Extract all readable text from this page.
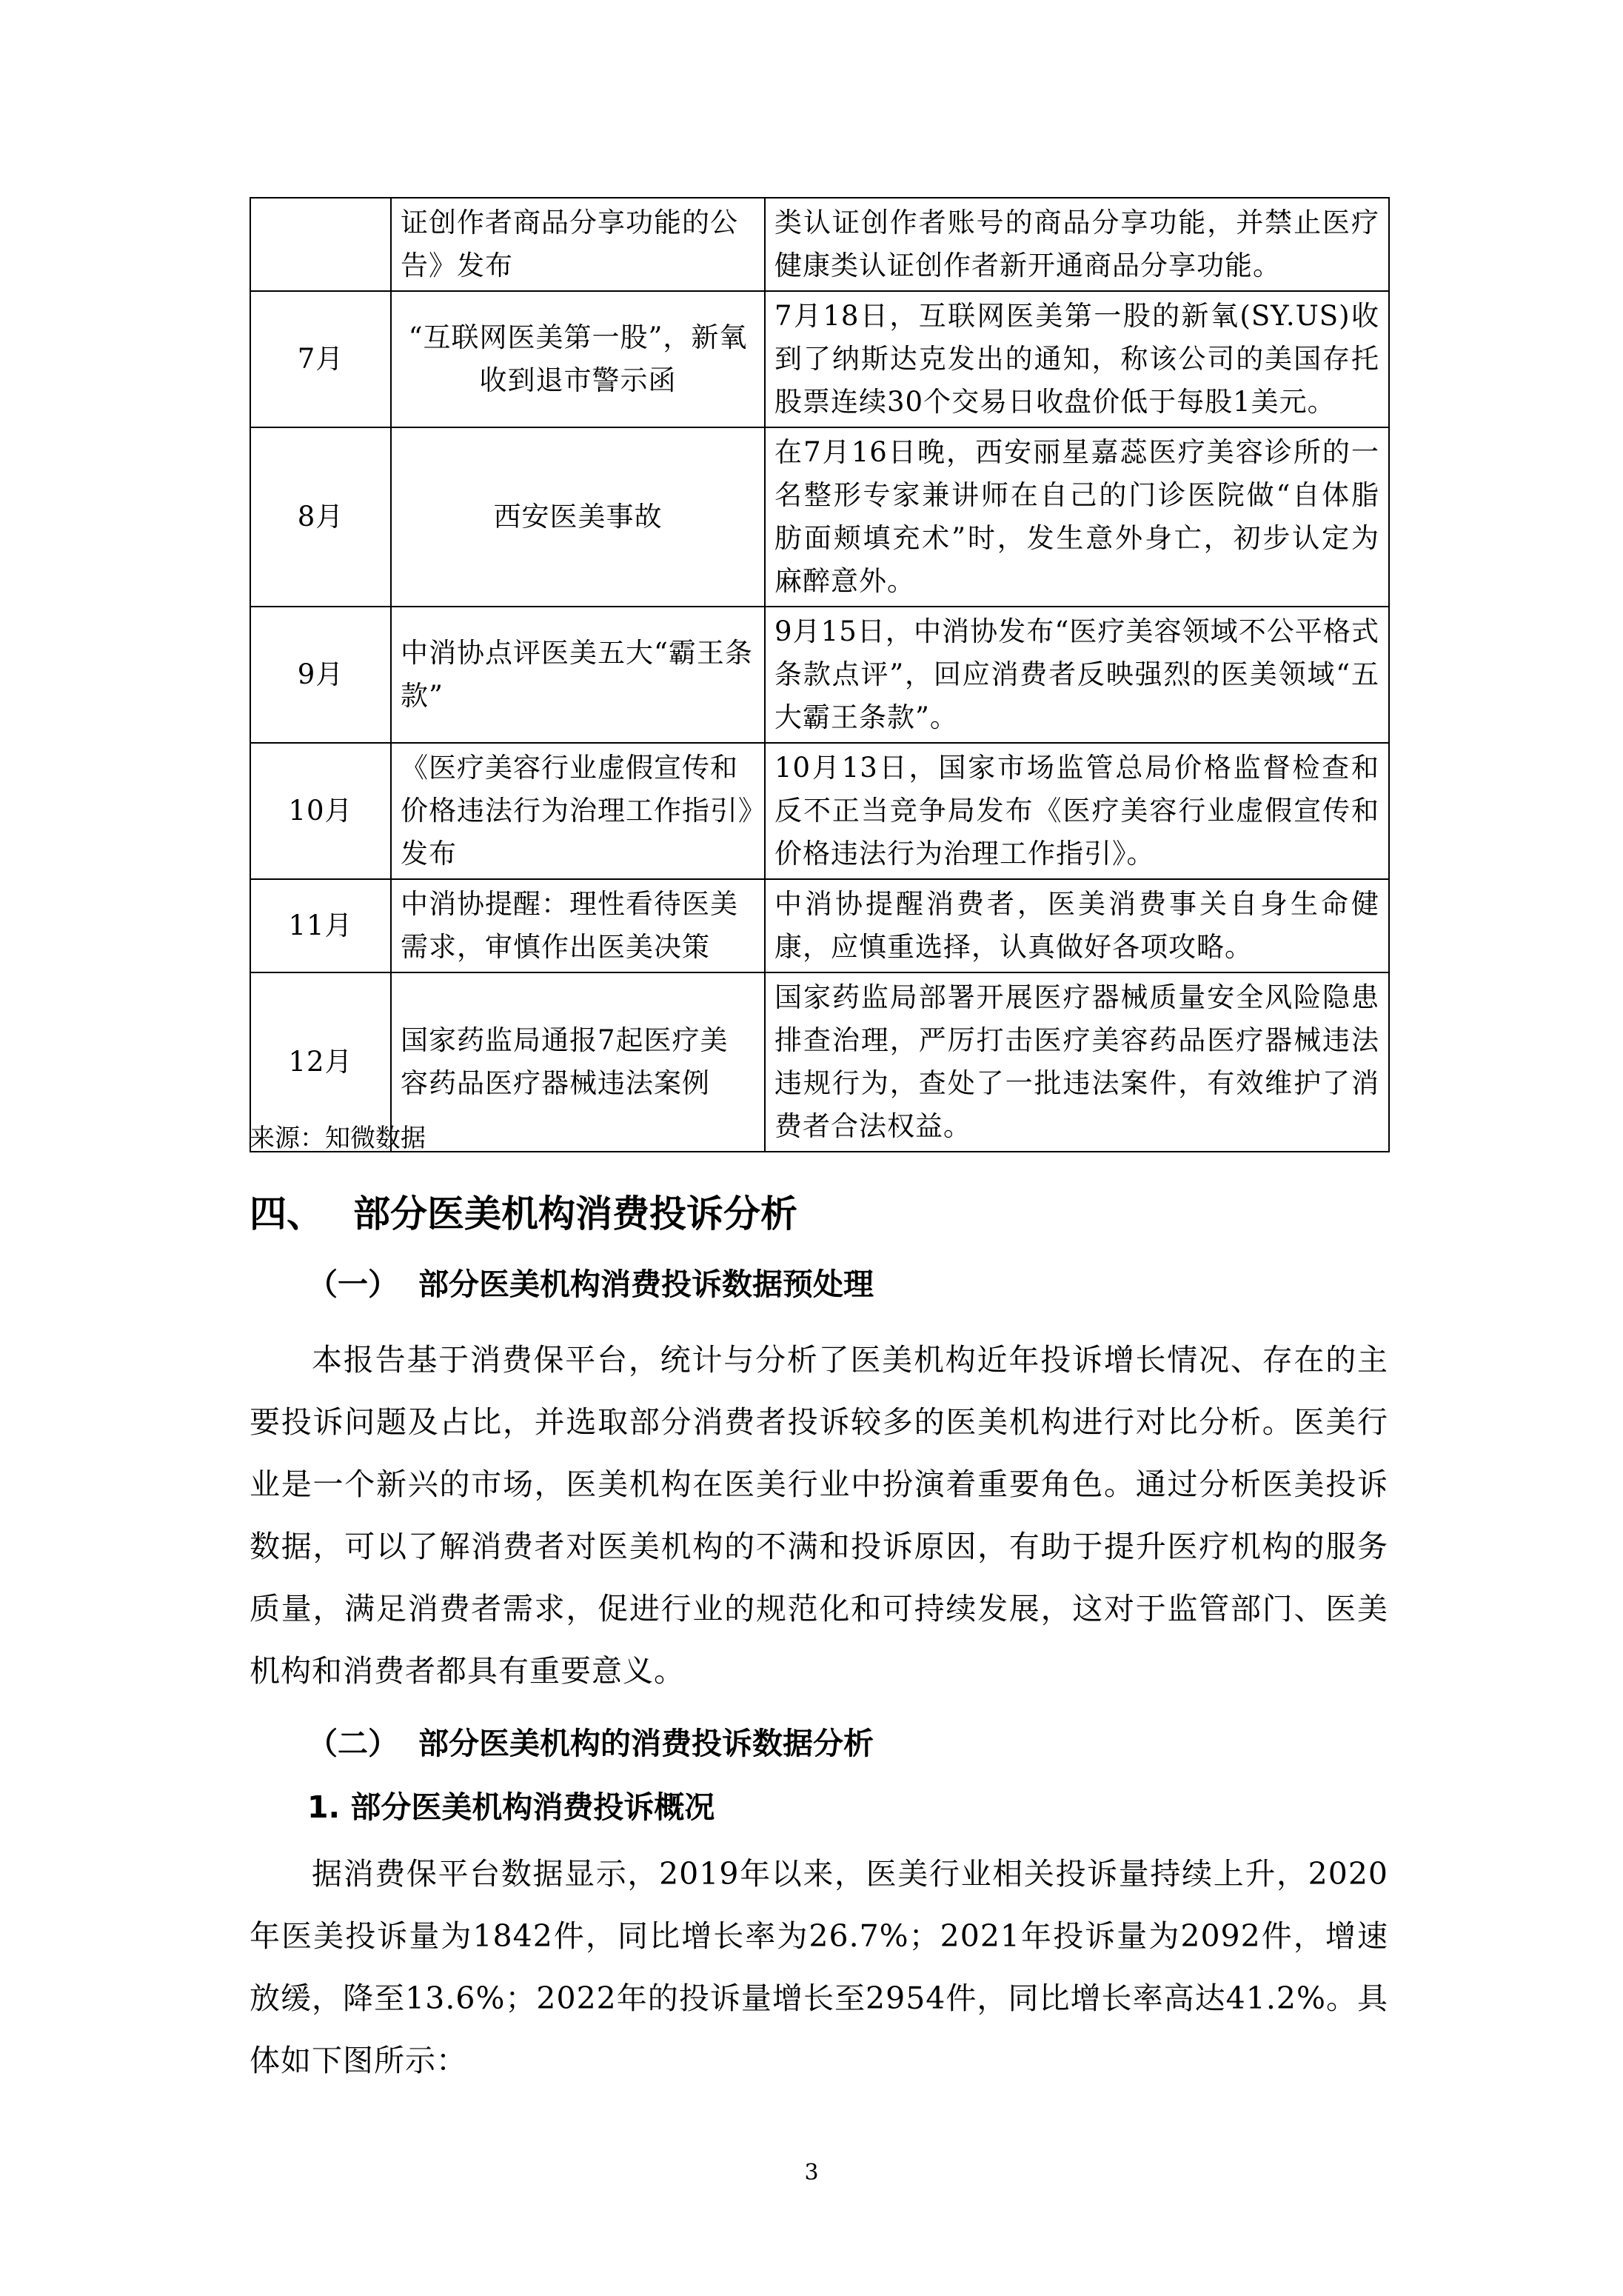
	证创作者商品分享功能的公告》发布	类认证创作者账号的商品分享功能，并禁止医疗健康类认证创作者新开通商品分享功能。
7月	“互联网医美第一股”，新氧收到退市警示函	7月18日，互联网医美第一股的新氧(SY.US)收到了纳斯达克发出的通知，称该公司的美国存托股票连续30个交易日收盘价低于每股1美元。
8月	西安医美事故	在7月16日晚，西安丽星嘉蕊医疗美容诊所的一名整形专家兼讲师在自己的门诊医院做“自体脂肪面颊填充术”时，发生意外身亡，初步认定为麻醉意外。
9月	中消协点评医美五大“霸王条款”	9月15日，中消协发布“医疗美容领域不公平格式条款点评”，回应消费者反映强烈的医美领域“五大霸王条款”。
10月	《医疗美容行业虚假宣传和价格违法行为治理工作指引》发布	10月13日，国家市场监管总局价格监督检查和反不正当竞争局发布《医疗美容行业虚假宣传和价格违法行为治理工作指引》。
11月	中消协提醒：理性看待医美需求，审慎作出医美决策	中消协提醒消费者，医美消费事关自身生命健康，应慎重选择，认真做好各项攻略。
12月	国家药监局通报7起医疗美容药品医疗器械违法案例	国家药监局部署开展医疗器械质量安全风险隐患排查治理，严厉打击医疗美容药品医疗器械违法违规行为，查处了一批违法案件，有效维护了消费者合法权益。
来源：知微数据
四、 部分医美机构消费投诉分析
（一） 部分医美机构消费投诉数据预处理

本报告基于消费保平台，统计与分析了医美机构近年投诉增长情况、存在的主要投诉问题及占比，并选取部分消费者投诉较多的医美机构进行对比分析。医美行业是一个新兴的市场，医美机构在医美行业中扮演着重要角色。通过分析医美投诉数据，可以了解消费者对医美机构的不满和投诉原因，有助于提升医疗机构的服务质量，满足消费者需求，促进行业的规范化和可持续发展，这对于监管部门、医美机构和消费者都具有重要意义。

（二） 部分医美机构的消费投诉数据分析
1. 部分医美机构消费投诉概况

据消费保平台数据显示，2019年以来，医美行业相关投诉量持续上升，2020年医美投诉量为1842件，同比增长率为26.7%；2021年投诉量为2092件，增速放缓，降至13.6%；2022年的投诉量增长至2954件，同比增长率高达41.2%。具体如下图所示：

3
